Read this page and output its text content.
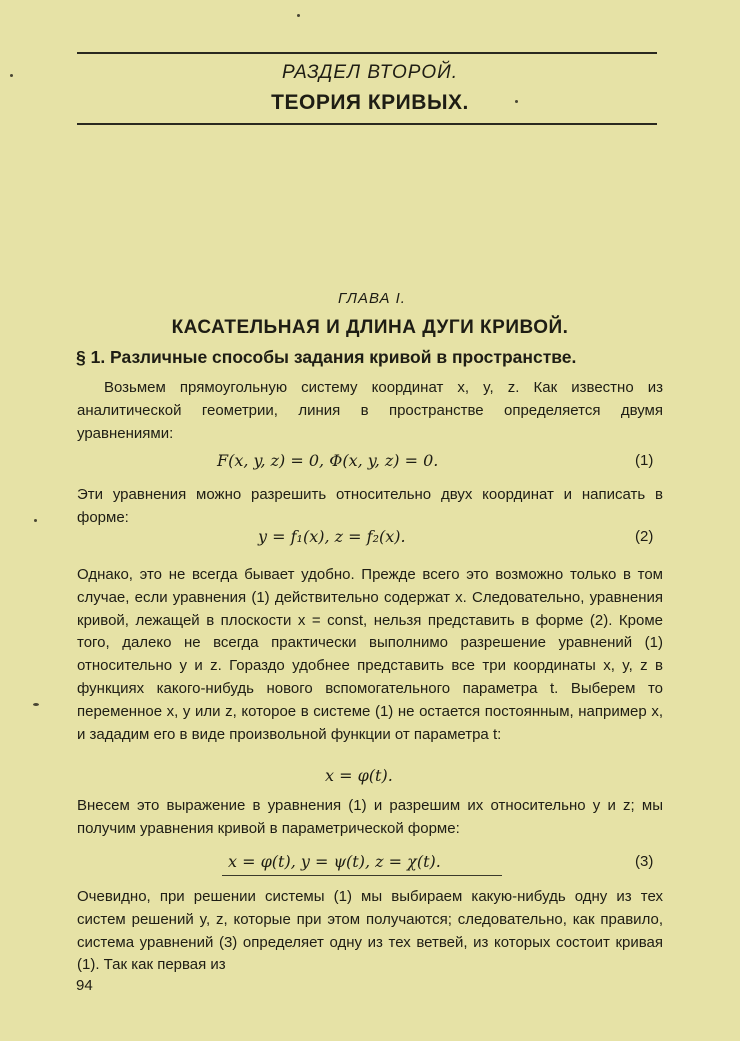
РАЗДЕЛ ВТОРОЙ.
ТЕОРИЯ КРИВЫХ.
ГЛАВА I.
КАСАТЕЛЬНАЯ И ДЛИНА ДУГИ КРИВОЙ.
§ 1. Различные способы задания кривой в пространстве.

Возьмем прямоугольную систему координат x, y, z. Как известно из аналитической геометрии, линия в пространстве определяется двумя уравнениями:

F(x, y, z) = 0, Φ(x, y, z) = 0.	(1)

Эти уравнения можно разрешить относительно двух координат и написать в форме:

y = f₁(x), z = f₂(x).	(2)

Однако, это не всегда бывает удобно. Прежде всего это возможно только в том случае, если уравнения (1) действительно содержат x. Следовательно, уравнения кривой, лежащей в плоскости x = const, нельзя представить в форме (2). Кроме того, далеко не всегда практически выполнимо разрешение уравнений (1) относительно y и z. Гораздо удобнее представить все три координаты x, y, z в функциях какого-нибудь нового вспомогательного параметра t. Выберем то переменное x, y или z, которое в системе (1) не остается постоянным, например x, и зададим его в виде произвольной функции от параметра t:

x = φ(t).

Внесем это выражение в уравнения (1) и разрешим их относительно y и z; мы получим уравнения кривой в параметрической форме:

x = φ(t), y = ψ(t), z = χ(t).	(3)

Очевидно, при решении системы (1) мы выбираем какую-нибудь одну из тех систем решений y, z, которые при этом получаются; следовательно, как правило, система уравнений (3) определяет одну из тех ветвей, из которых состоит кривая (1). Так как первая из

94
